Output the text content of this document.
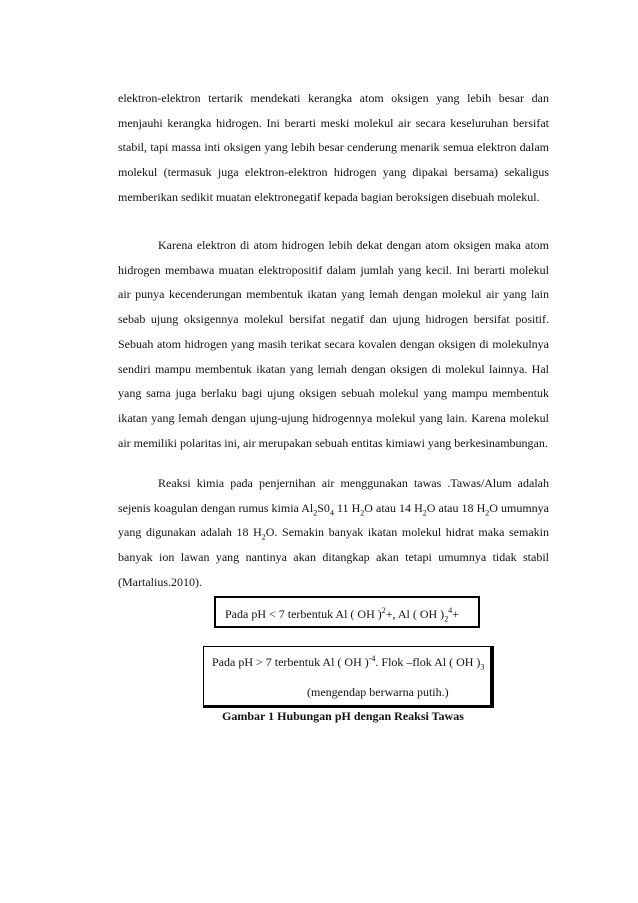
elektron-elektron tertarik mendekati kerangka atom oksigen yang lebih besar dan menjauhi kerangka hidrogen. Ini berarti meski molekul air secara keseluruhan bersifat stabil, tapi massa inti oksigen yang lebih besar cenderung menarik semua elektron dalam molekul (termasuk juga elektron-elektron hidrogen yang dipakai bersama) sekaligus memberikan sedikit muatan elektronegatif kepada bagian beroksigen disebuah molekul.

Karena elektron di atom hidrogen lebih dekat dengan atom oksigen maka atom hidrogen membawa muatan elektropositif dalam jumlah yang kecil. Ini berarti molekul air punya kecenderungan membentuk ikatan yang lemah dengan molekul air yang lain sebab ujung oksigennya molekul bersifat negatif dan ujung hidrogen bersifat positif. Sebuah atom hidrogen yang masih terikat secara kovalen dengan oksigen di molekulnya sendiri mampu membentuk ikatan yang lemah dengan oksigen di molekul lainnya. Hal yang sama juga berlaku bagi ujung oksigen sebuah molekul yang mampu membentuk ikatan yang lemah dengan ujung-ujung hidrogennya molekul yang lain. Karena molekul air memiliki polaritas ini, air merupakan sebuah entitas kimiawi yang berkesinambungan.

Reaksi kimia pada penjernihan air menggunakan tawas .Tawas/Alum adalah sejenis koagulan dengan rumus kimia $Al_2S0_4$ 11 $H_2O$ atau 14 $H_2O$ atau 18 $H_2O$ umumnya yang digunakan adalah 18 $H_2O$. Semakin banyak ikatan molekul hidrat maka semakin banyak ion lawan yang nantinya akan ditangkap akan tetapi umumnya tidak stabil (Martalius.2010).

Pada pH < 7 terbentuk Al ( OH )$^2$+, Al ( OH )$_2^4+$
Pada pH > 7 terbentuk Al ( OH )$^{-4}$. Flok –flok Al ( OH )$_3$
(mengendap berwarna putih.)
Gambar 1 Hubungan pH dengan Reaksi Tawas
